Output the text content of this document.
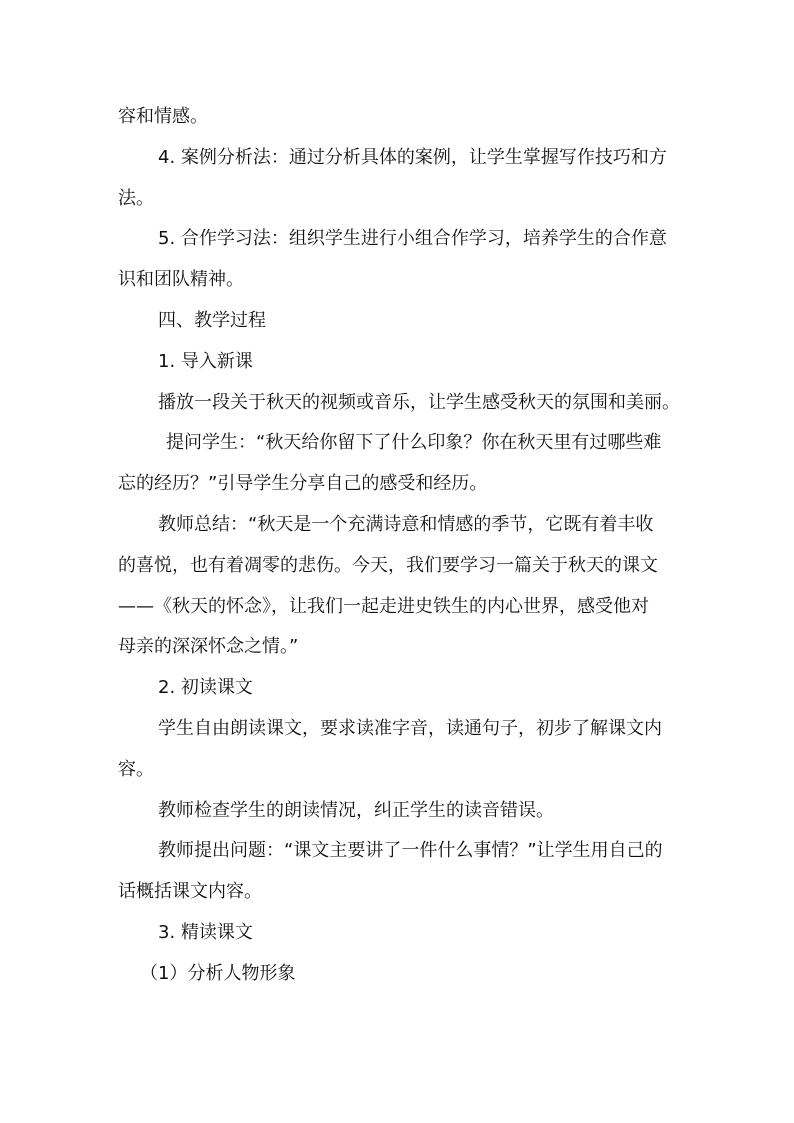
容和情感。
4. 案例分析法：通过分析具体的案例，让学生掌握写作技巧和方
法。
5. 合作学习法：组织学生进行小组合作学习，培养学生的合作意
识和团队精神。
四、教学过程
1. 导入新课
播放一段关于秋天的视频或音乐，让学生感受秋天的氛围和美丽。
提问学生：“秋天给你留下了什么印象？你在秋天里有过哪些难
忘的经历？”引导学生分享自己的感受和经历。
教师总结：“秋天是一个充满诗意和情感的季节，它既有着丰收
的喜悦，也有着凋零的悲伤。今天，我们要学习一篇关于秋天的课文
——《秋天的怀念》，让我们一起走进史铁生的内心世界，感受他对
母亲的深深怀念之情。”
2. 初读课文
学生自由朗读课文，要求读准字音，读通句子，初步了解课文内
容。
教师检查学生的朗读情况，纠正学生的读音错误。
教师提出问题：“课文主要讲了一件什么事情？”让学生用自己的
话概括课文内容。
3. 精读课文
（1）分析人物形象
